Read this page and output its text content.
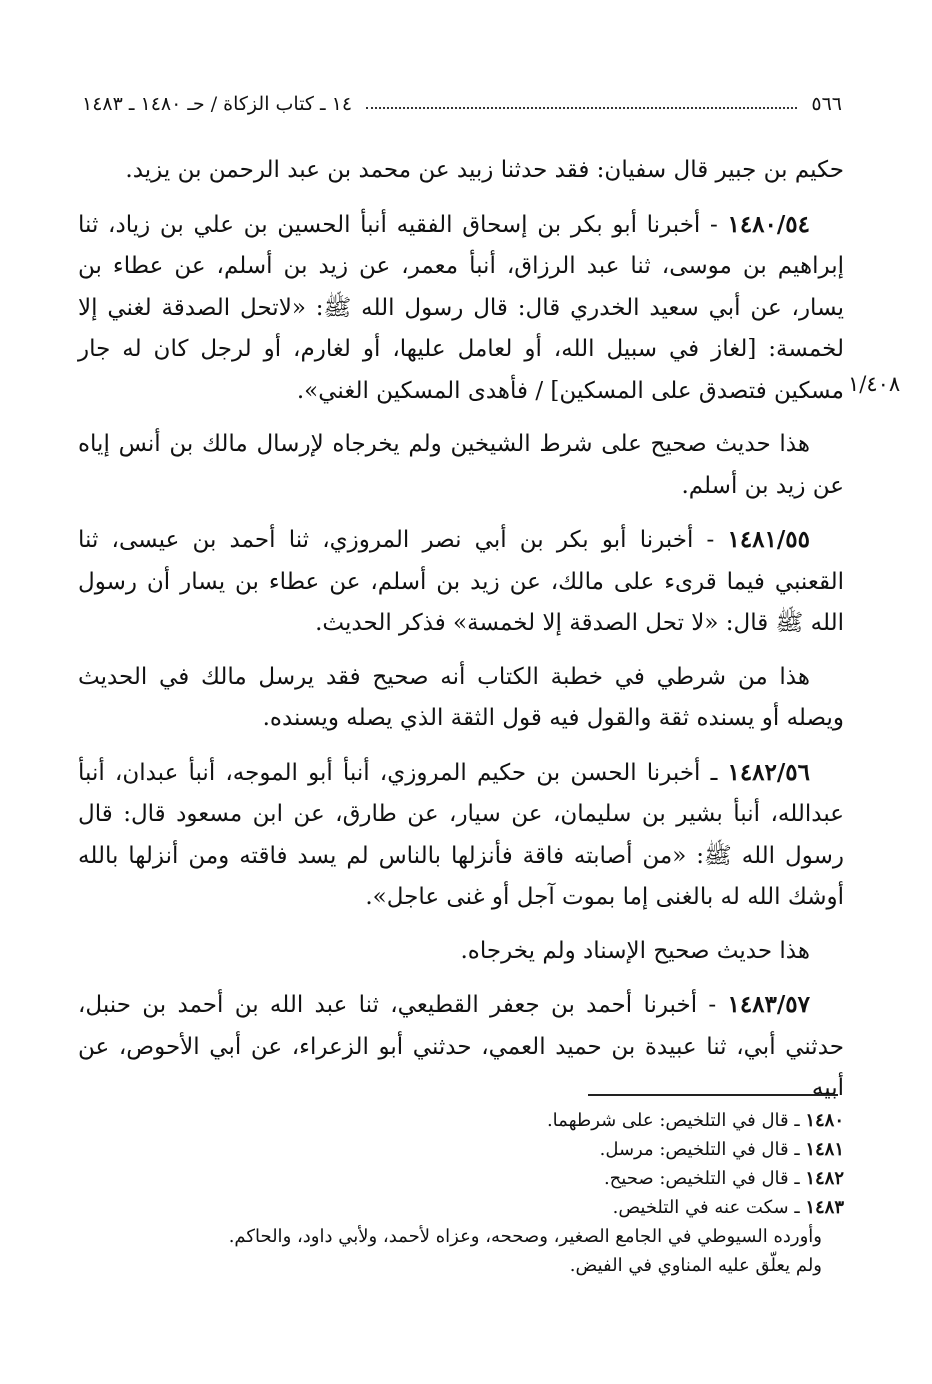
٥٦٦
١٤ ـ كتاب الزكاة / حـ ١٤٨٠ ـ ١٤٨٣
١/٤٠٨

حكيم بن جبير قال سفيان: فقد حدثنا زبيد عن محمد بن عبد الرحمن بن يزيد.

١٤٨٠/٥٤ - أخبرنا أبو بكر بن إسحاق الفقيه أنبأ الحسين بن علي بن زياد، ثنا إبراهيم بن موسى، ثنا عبد الرزاق، أنبأ معمر، عن زيد بن أسلم، عن عطاء بن يسار، عن أبي سعيد الخدري قال: قال رسول الله ﷺ: «لاتحل الصدقة لغني إلا لخمسة: [لغاز في سبيل الله، أو لعامل عليها، أو لغارم، أو لرجل كان له جار مسكين فتصدق على المسكين] / فأهدى المسكين الغني».

هذا حديث صحيح على شرط الشيخين ولم يخرجاه لإرسال مالك بن أنس إياه عن زيد بن أسلم.

١٤٨١/٥٥ - أخبرنا أبو بكر بن أبي نصر المروزي، ثنا أحمد بن عيسى، ثنا القعنبي فيما قرىء على مالك، عن زيد بن أسلم، عن عطاء بن يسار أن رسول الله ﷺ قال: «لا تحل الصدقة إلا لخمسة» فذكر الحديث.

هذا من شرطي في خطبة الكتاب أنه صحيح فقد يرسل مالك في الحديث ويصله أو يسنده ثقة والقول فيه قول الثقة الذي يصله ويسنده.

١٤٨٢/٥٦ ـ أخبرنا الحسن بن حكيم المروزي، أنبأ أبو الموجه، أنبأ عبدان، أنبأ عبدالله، أنبأ بشير بن سليمان، عن سيار، عن طارق، عن ابن مسعود قال: قال رسول الله ﷺ: «من أصابته فاقة فأنزلها بالناس لم يسد فاقته ومن أنزلها بالله أوشك الله له بالغنى إما بموت آجل أو غنى عاجل».

هذا حديث صحيح الإسناد ولم يخرجاه.

١٤٨٣/٥٧ - أخبرنا أحمد بن جعفر القطيعي، ثنا عبد الله بن أحمد بن حنبل، حدثني أبي، ثنا عبيدة بن حميد العمي، حدثني أبو الزعراء، عن أبي الأحوص، عن أبيه

١٤٨٠ ـ قال في التلخيص: على شرطهما.

١٤٨١ ـ قال في التلخيص: مرسل.

١٤٨٢ ـ قال في التلخيص: صحيح.

١٤٨٣ ـ سكت عنه في التلخيص.

وأورده السيوطي في الجامع الصغير، وصححه، وعزاه لأحمد، ولأبي داود، والحاكم.

ولم يعلّق عليه المناوي في الفيض.
